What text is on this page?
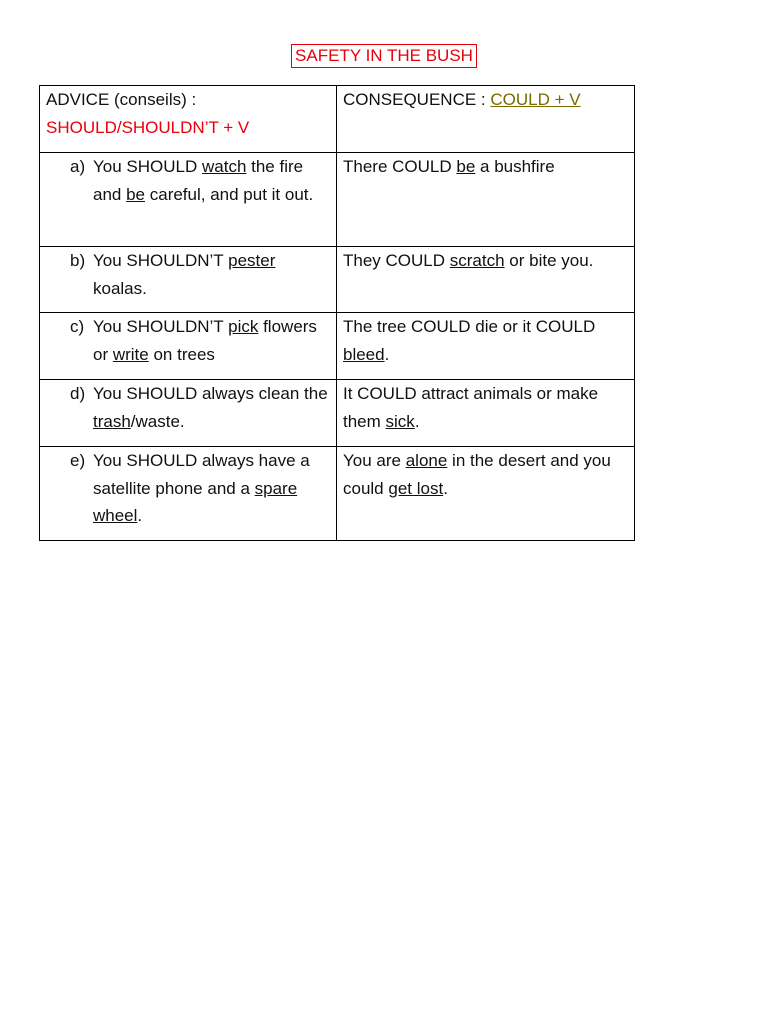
SAFETY IN THE BUSH
ADVICE (conseils) :
SHOULD/SHOULDN’T + V	CONSEQUENCE : COULD + V

a) You SHOULD watch the fire and be careful, and put it out.	There COULD be a bushfire

b) You SHOULDN’T pester koalas.	They COULD scratch or bite you.

c) You SHOULDN’T pick flowers or write on trees	The tree COULD die or it COULD bleed.

d) You SHOULD always clean the trash/waste.	It COULD attract animals or make them sick.

e) You SHOULD always have a satellite phone and a spare wheel.	You are alone in the desert and you could get lost.
